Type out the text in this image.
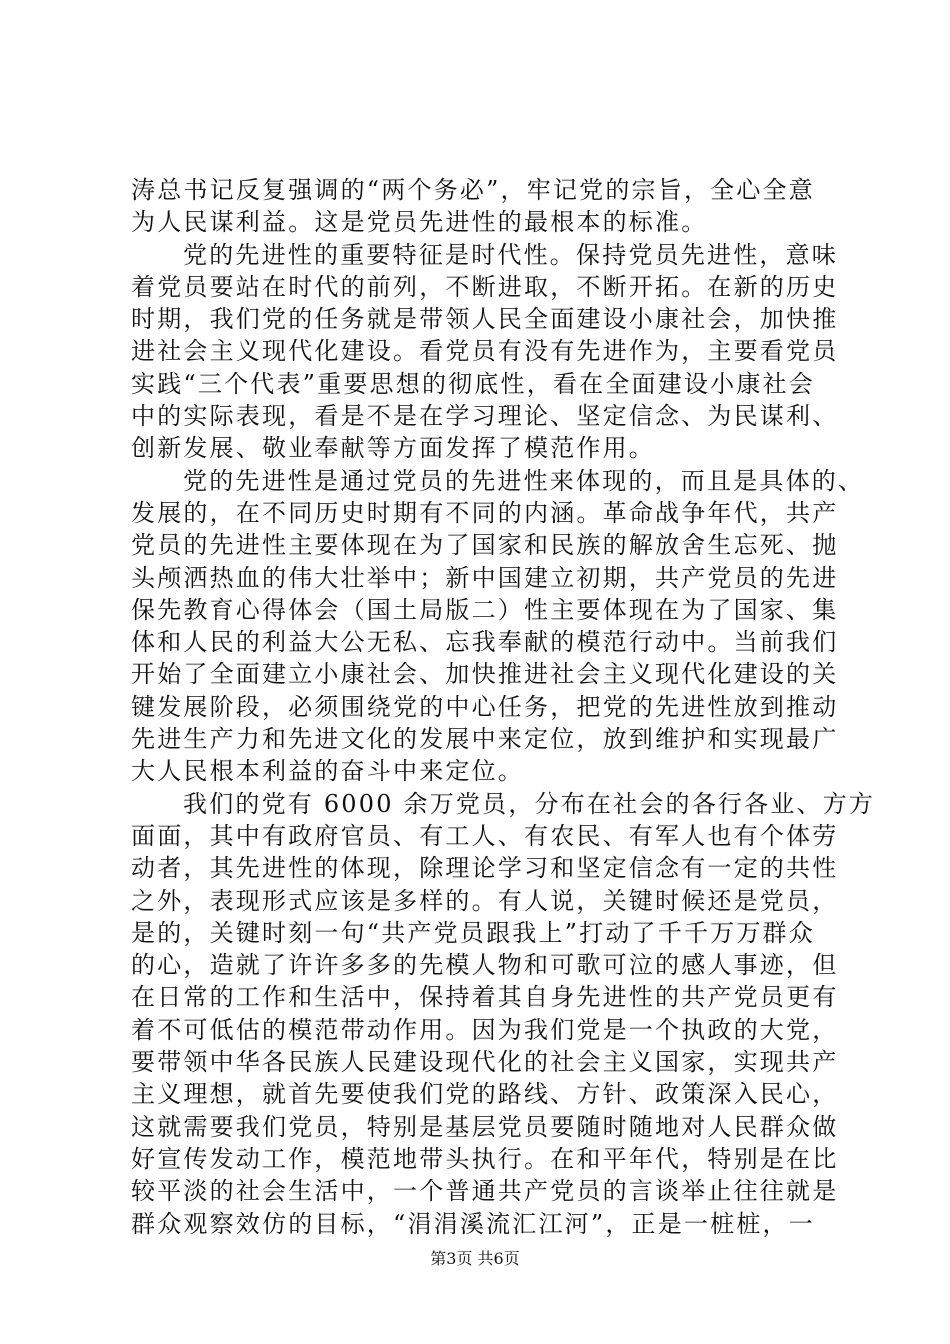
涛总书记反复强调的“两个务必”，牢记党的宗旨，全心全意
为人民谋利益。这是党员先进性的最根本的标准。

党的先进性的重要特征是时代性。保持党员先进性，意味
着党员要站在时代的前列，不断进取，不断开拓。在新的历史
时期，我们党的任务就是带领人民全面建设小康社会，加快推
进社会主义现代化建设。看党员有没有先进作为，主要看党员
实践“三个代表”重要思想的彻底性，看在全面建设小康社会
中的实际表现，看是不是在学习理论、坚定信念、为民谋利、
创新发展、敬业奉献等方面发挥了模范作用。

党的先进性是通过党员的先进性来体现的，而且是具体的、
发展的，在不同历史时期有不同的内涵。革命战争年代，共产
党员的先进性主要体现在为了国家和民族的解放舍生忘死、抛
头颅洒热血的伟大壮举中；新中国建立初期，共产党员的先进
保先教育心得体会（国土局版二）性主要体现在为了国家、集
体和人民的利益大公无私、忘我奉献的模范行动中。当前我们
开始了全面建立小康社会、加快推进社会主义现代化建设的关
键发展阶段，必须围绕党的中心任务，把党的先进性放到推动
先进生产力和先进文化的发展中来定位，放到维护和实现最广
大人民根本利益的奋斗中来定位。

我们的党有 6000 余万党员，分布在社会的各行各业、方方
面面，其中有政府官员、有工人、有农民、有军人也有个体劳
动者，其先进性的体现，除理论学习和坚定信念有一定的共性
之外，表现形式应该是多样的。有人说，关键时候还是党员，
是的，关键时刻一句“共产党员跟我上”打动了千千万万群众
的心，造就了许许多多的先模人物和可歌可泣的感人事迹，但
在日常的工作和生活中，保持着其自身先进性的共产党员更有
着不可低估的模范带动作用。因为我们党是一个执政的大党，
要带领中华各民族人民建设现代化的社会主义国家，实现共产
主义理想，就首先要使我们党的路线、方针、政策深入民心，
这就需要我们党员，特别是基层党员要随时随地对人民群众做
好宣传发动工作，模范地带头执行。在和平年代，特别是在比
较平淡的社会生活中，一个普通共产党员的言谈举止往往就是
群众观察效仿的目标，“涓涓溪流汇江河”，正是一桩桩，一

第3页 共6页
